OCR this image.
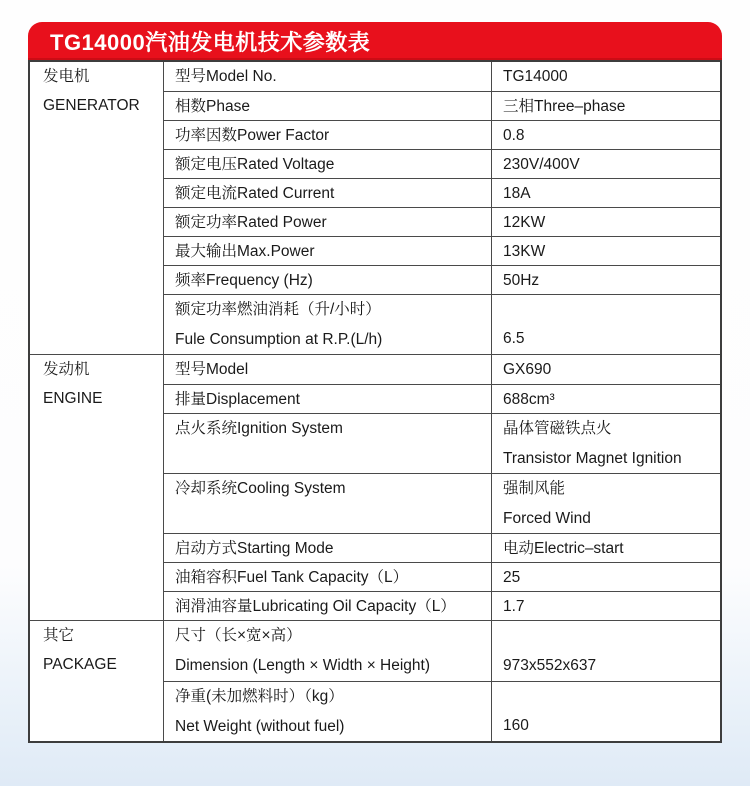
TG14000汽油发电机技术参数表
发电机
GENERATOR
型号Model No.	TG14000
相数Phase	三相Three–phase
功率因数Power Factor	0.8
额定电压Rated Voltage	230V/400V
额定电流Rated Current	18A
额定功率Rated Power	12KW
最大输出Max.Power	13KW
频率Frequency (Hz)	50Hz
额定功率燃油消耗（升/小时）
Fule Consumption at R.P.(L/h)	6.5
发动机
ENGINE
型号Model	GX690
排量Displacement	688cm³
点火系统Ignition System	晶体管磁铁点火
Transistor Magnet Ignition
冷却系统Cooling System	强制风能
Forced Wind
启动方式Starting Mode	电动Electric–start
油箱容积Fuel Tank Capacity（L）	25
润滑油容量Lubricating Oil Capacity（L）	1.7
其它
PACKAGE
尺寸（长×宽×高）
Dimension (Length × Width × Height)	973x552x637
净重(未加燃料时）（kg）
Net Weight (without fuel)	160
